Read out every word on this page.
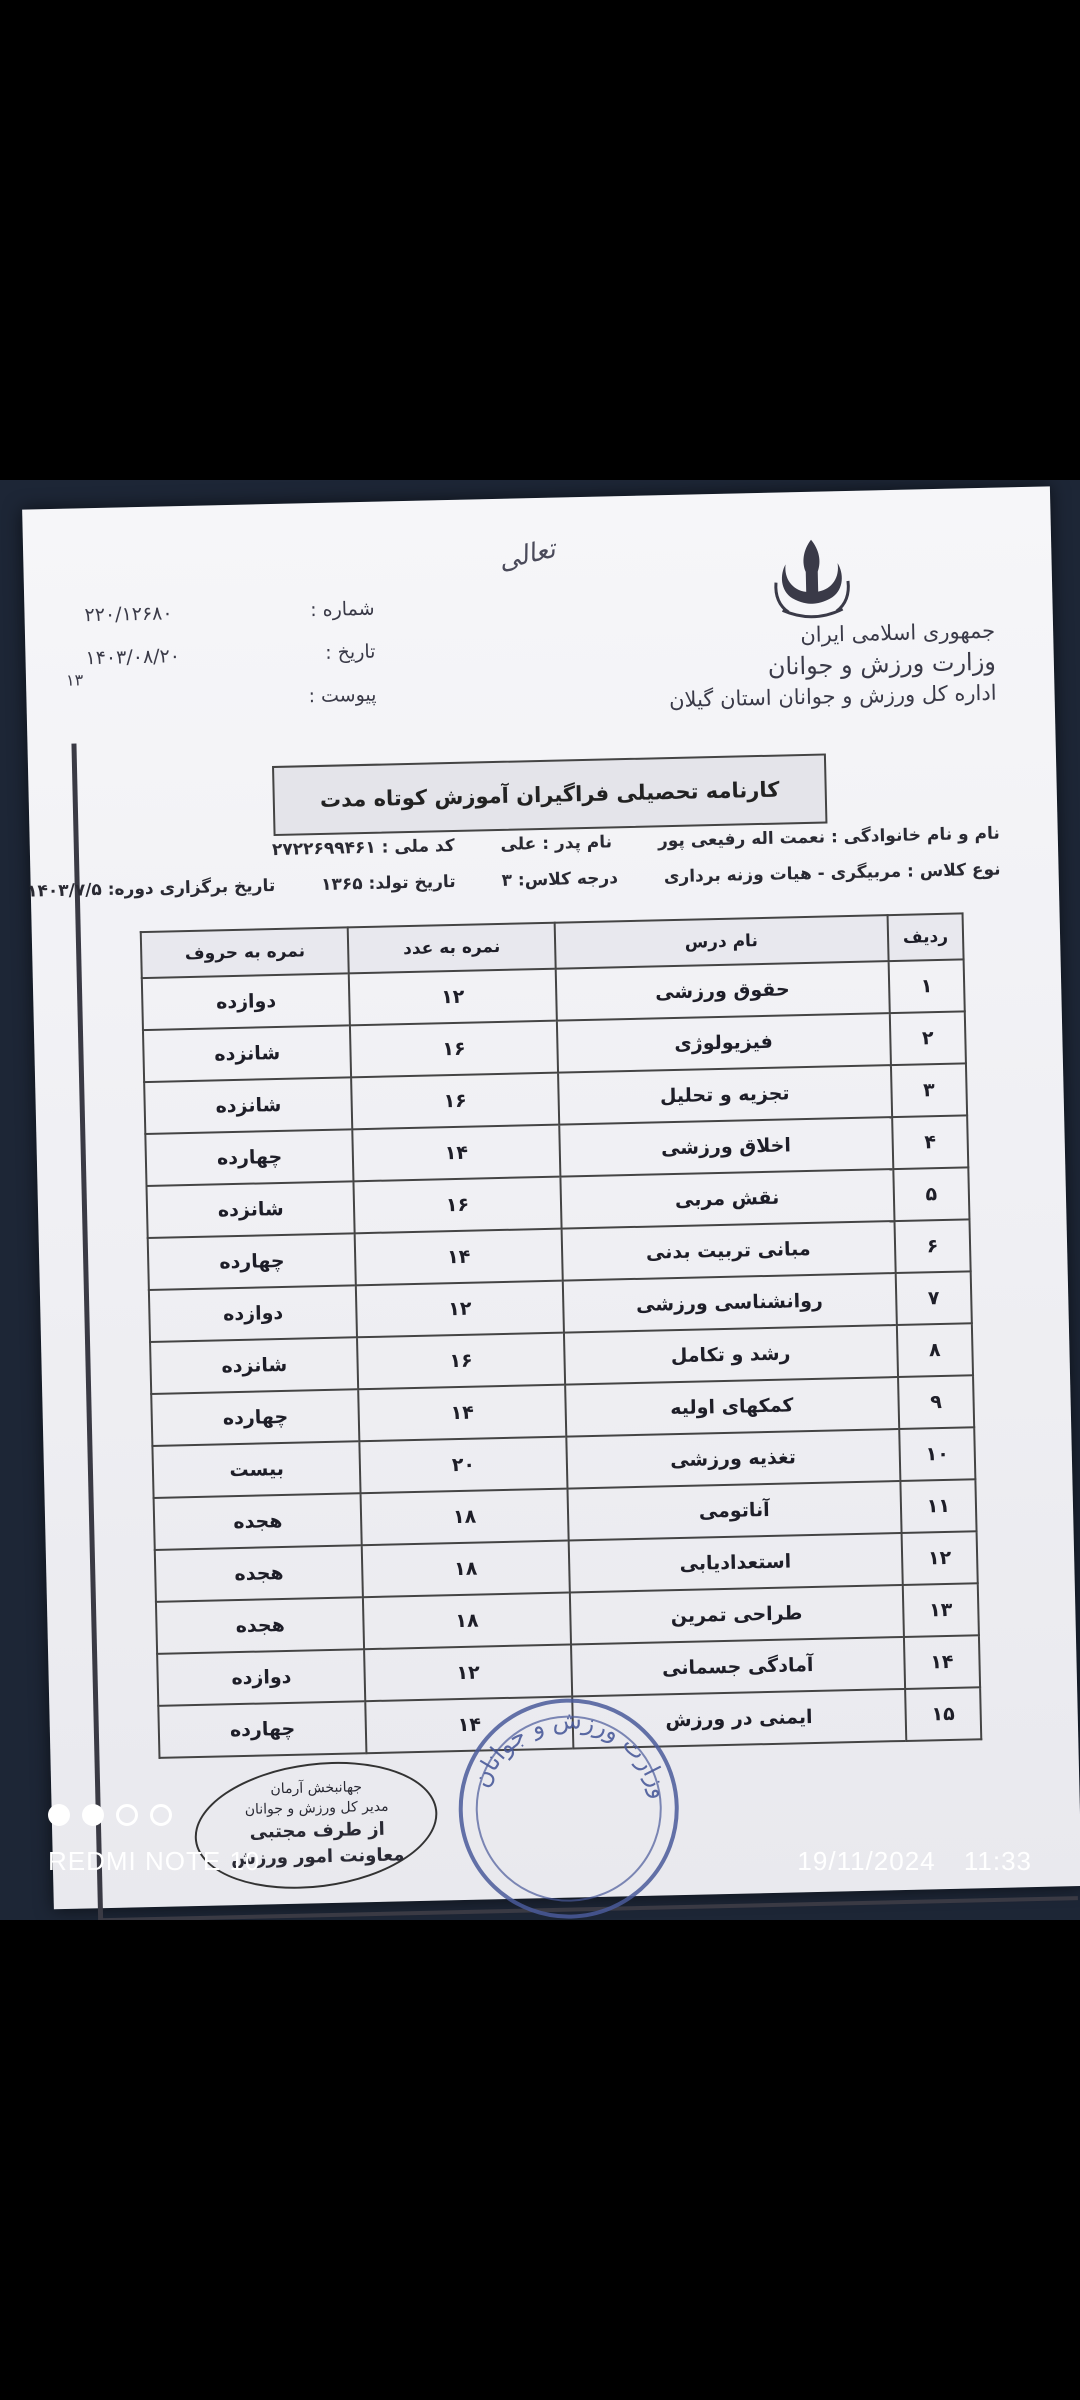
تعالی
جمهوری اسلامی ایران
وزارت ورزش و جوانان
اداره کل ورزش و جوانان استان گیلان
شماره :
۲۲۰/۱۲۶۸۰
تاریخ :
۱۴۰۳/۰۸/۲۰
پیوست :
۱۳
کارنامه تحصیلی فراگیران آموزش کوتاه مدت
نام و نام خانوادگی : نعمت اله رفیعی پور نام پدر : علی کد ملی : ۲۷۲۲۶۹۹۴۶۱
نوع کلاس : مربیگری - هیات وزنه برداری درجه کلاس: ۳ تاریخ تولد: ۱۳۶۵ تاریخ برگزاری دوره: ۱۴۰۳/۷/۵
ردیف	نام درس	نمره به عدد	نمره به حروف
۱	حقوق ورزشی	۱۲	دوازده
۲	فیزیولوژی	۱۶	شانزده
۳	تجزیه و تحلیل	۱۶	شانزده
۴	اخلاق ورزشی	۱۴	چهارده
۵	نقش مربی	۱۶	شانزده
۶	مبانی تربیت بدنی	۱۴	چهارده
۷	روانشناسی ورزشی	۱۲	دوازده
۸	رشد و تکامل	۱۶	شانزده
۹	کمکهای اولیه	۱۴	چهارده
۱۰	تغذیه ورزشی	۲۰	بیست
۱۱	آناتومی	۱۸	هجده
۱۲	استعدادیابی	۱۸	هجده
۱۳	طراحی تمرین	۱۸	هجده
۱۴	آمادگی جسمانی	۱۲	دوازده
۱۵	ایمنی در ورزش	۱۴	چهارده
جهانبخش آرمان
مدیر کل ورزش و جوانان
از طرف مجتبی
معاونت امور ورزش
وزارت ورزش و جوانان
REDMI NOTE 10	19/11/2024 11:33
